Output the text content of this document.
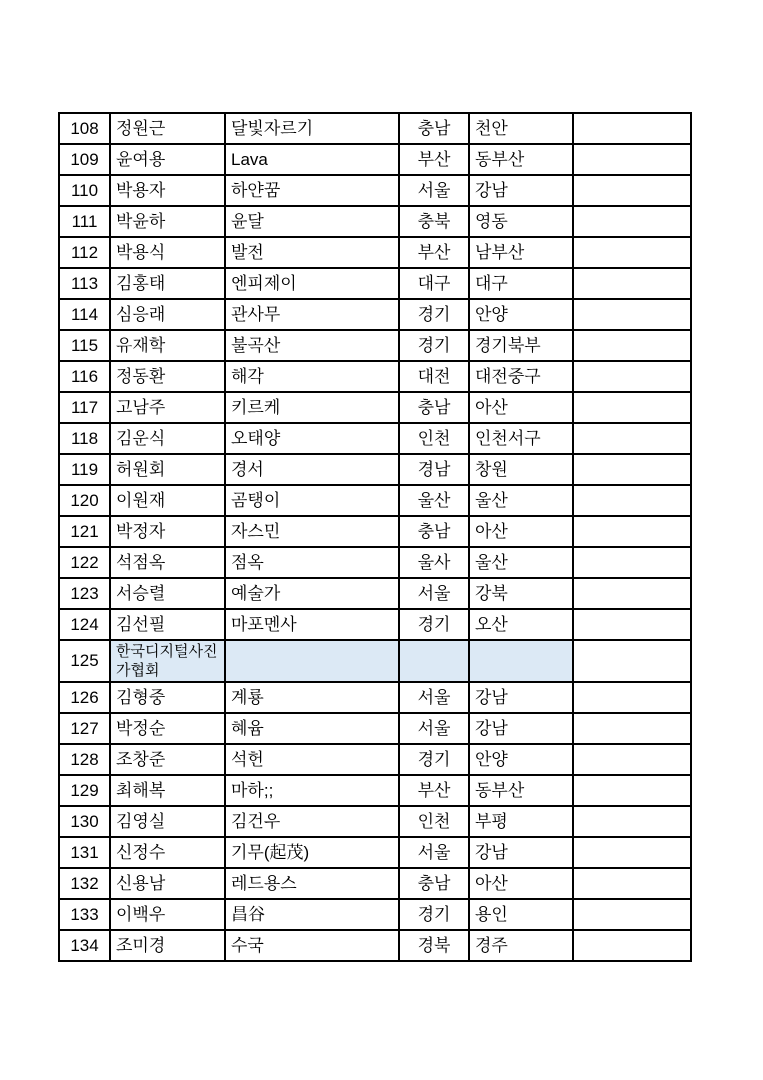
108	정원근	달빛자르기	충남	천안	
109	윤여용	Lava	부산	동부산	
110	박용자	하얀꿈	서울	강남	
111	박윤하	윤달	충북	영동	
112	박용식	발전	부산	남부산	
113	김홍태	엔피제이	대구	대구	
114	심응래	관사무	경기	안양	
115	유재학	불곡산	경기	경기북부	
116	정동환	해각	대전	대전중구	
117	고남주	키르케	충남	아산	
118	김운식	오태양	인천	인천서구	
119	허원회	경서	경남	창원	
120	이원재	곰탱이	울산	울산	
121	박정자	자스민	충남	아산	
122	석점옥	점옥	울사	울산	
123	서승렬	예술가	서울	강북	
124	김선필	마포멘사	경기	오산	
125	한국디지털사진가협회				
126	김형중	계룡	서울	강남	
127	박정순	혜윰	서울	강남	
128	조창준	석헌	경기	안양	
129	최해복	마하;;	부산	동부산	
130	김영실	김건우	인천	부평	
131	신정수	기무(起茂)	서울	강남	
132	신용남	레드용스	충남	아산	
133	이백우	昌谷	경기	용인	
134	조미경	수국	경북	경주	
